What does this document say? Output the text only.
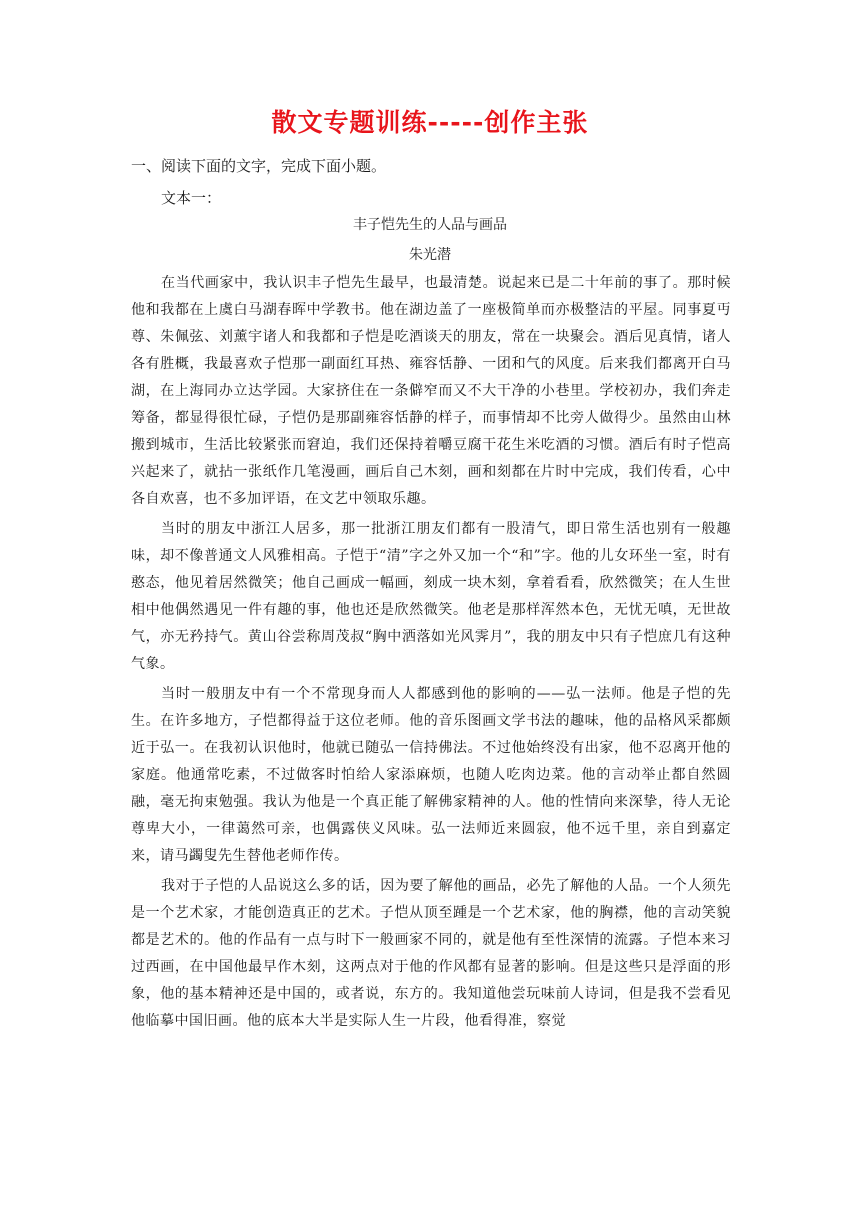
散文专题训练-----创作主张

一、阅读下面的文字，完成下面小题。

文本一：

丰子恺先生的人品与画品

朱光潜

在当代画家中，我认识丰子恺先生最早，也最清楚。说起来已是二十年前的事了。那时候他和我都在上虞白马湖春晖中学教书。他在湖边盖了一座极简单而亦极整洁的平屋。同事夏丏尊、朱佩弦、刘薰宇诸人和我都和子恺是吃酒谈天的朋友，常在一块聚会。酒后见真情，诸人各有胜概，我最喜欢子恺那一副面红耳热、雍容恬静、一团和气的风度。后来我们都离开白马湖，在上海同办立达学园。大家挤住在一条僻窄而又不大干净的小巷里。学校初办，我们奔走筹备，都显得很忙碌，子恺仍是那副雍容恬静的样子，而事情却不比旁人做得少。虽然由山林搬到城市，生活比较紧张而窘迫，我们还保持着嚼豆腐干花生米吃酒的习惯。酒后有时子恺高兴起来了，就拈一张纸作几笔漫画，画后自己木刻，画和刻都在片时中完成，我们传看，心中各自欢喜，也不多加评语，在文艺中领取乐趣。

当时的朋友中浙江人居多，那一批浙江朋友们都有一股清气，即日常生活也别有一般趣味，却不像普通文人风雅相高。子恺于“清”字之外又加一个“和”字。他的儿女环坐一室，时有憨态，他见着居然微笑；他自己画成一幅画，刻成一块木刻，拿着看看，欣然微笑；在人生世相中他偶然遇见一件有趣的事，他也还是欣然微笑。他老是那样浑然本色，无忧无嗔，无世故气，亦无矜持气。黄山谷尝称周茂叔“胸中洒落如光风霁月”，我的朋友中只有子恺庶几有这种气象。

当时一般朋友中有一个不常现身而人人都感到他的影响的——弘一法师。他是子恺的先生。在许多地方，子恺都得益于这位老师。他的音乐图画文学书法的趣味，他的品格风采都颇近于弘一。在我初认识他时，他就已随弘一信持佛法。不过他始终没有出家，他不忍离开他的家庭。他通常吃素，不过做客时怕给人家添麻烦，也随人吃肉边菜。他的言动举止都自然圆融，毫无拘束勉强。我认为他是一个真正能了解佛家精神的人。他的性情向来深挚，待人无论尊卑大小，一律蔼然可亲，也偶露侠义风味。弘一法师近来圆寂，他不远千里，亲自到嘉定来，请马蠲叟先生替他老师作传。

我对于子恺的人品说这么多的话，因为要了解他的画品，必先了解他的人品。一个人须先是一个艺术家，才能创造真正的艺术。子恺从顶至踵是一个艺术家，他的胸襟，他的言动笑貌都是艺术的。他的作品有一点与时下一般画家不同的，就是他有至性深情的流露。子恺本来习过西画，在中国他最早作木刻，这两点对于他的作风都有显著的影响。但是这些只是浮面的形象，他的基本精神还是中国的，或者说，东方的。我知道他尝玩味前人诗词，但是我不尝看见他临摹中国旧画。他的底本大半是实际人生一片段，他看得准，察觉
